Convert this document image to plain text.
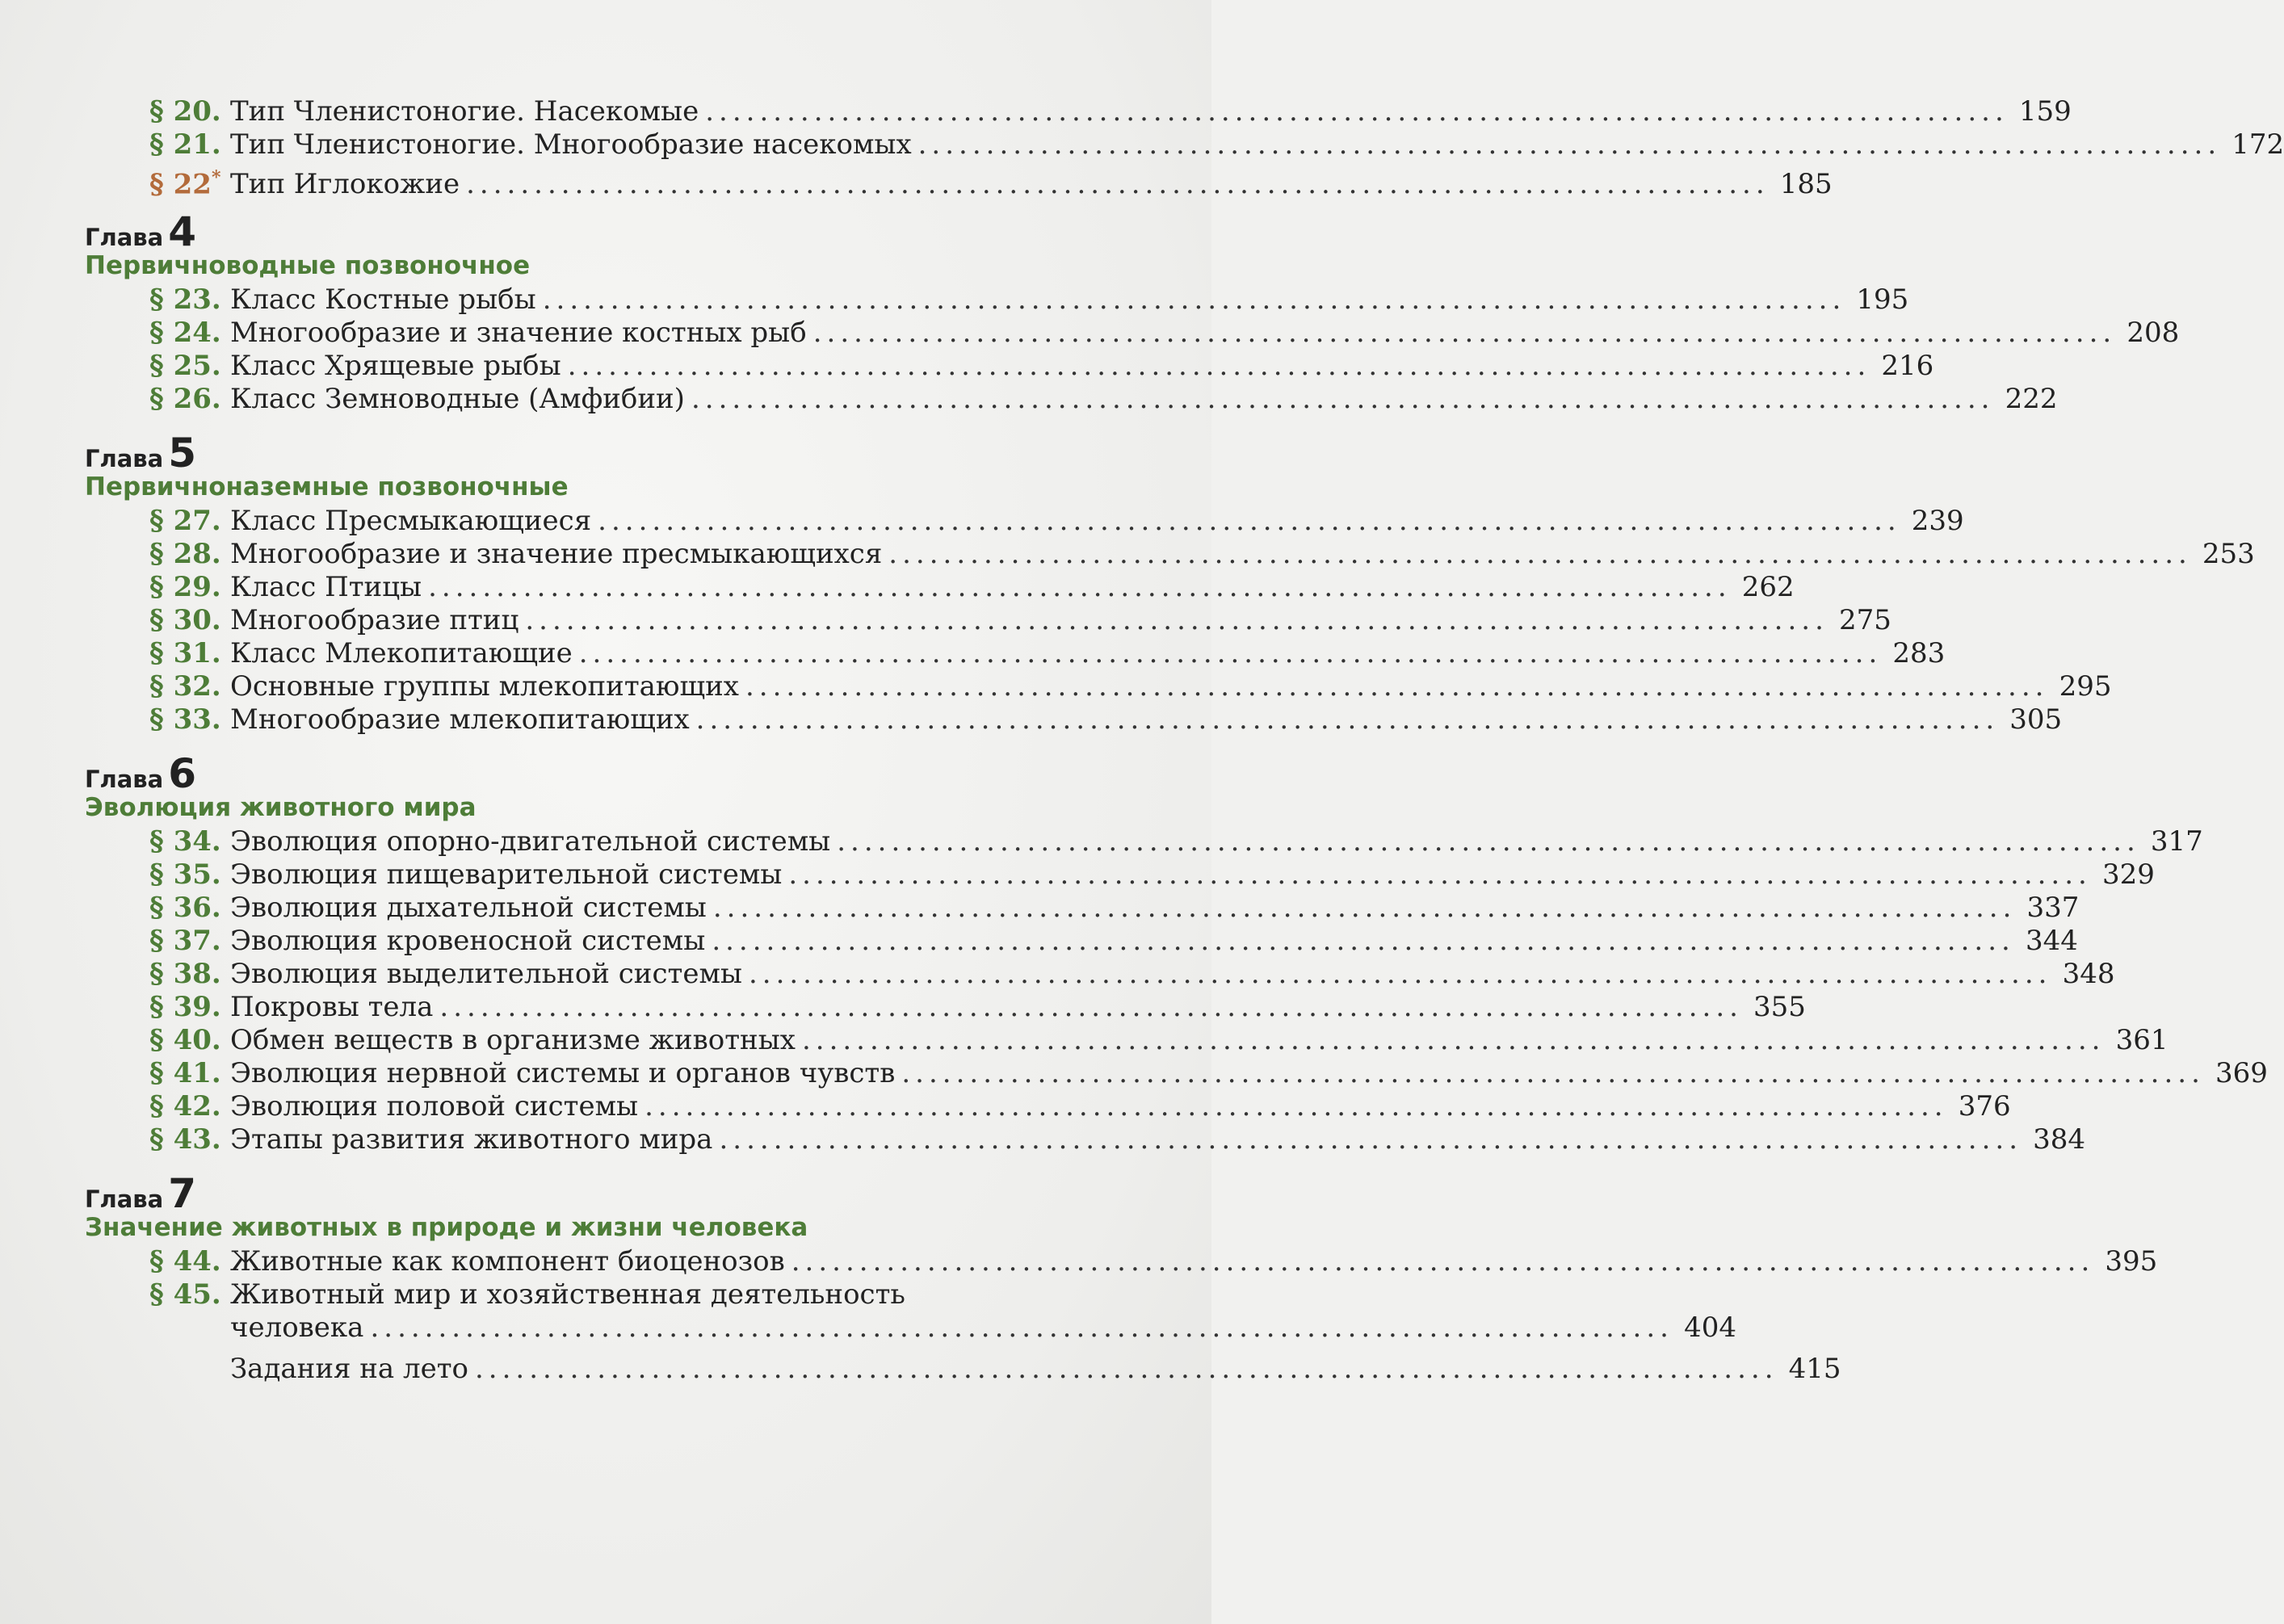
§ 20. Тип Членистоногие. Насекомые ................................................................................................ 159
§ 21. Тип Членистоногие. Многообразие насекомых ................................................................................................ 172
§ 22* Тип Иглокожие ................................................................................................ 185
Глава 4
Первичноводные позвоночное
§ 23. Класс Костные рыбы ................................................................................................ 195
§ 24. Многообразие и значение костных рыб ................................................................................................ 208
§ 25. Класс Хрящевые рыбы ................................................................................................ 216
§ 26. Класс Земноводные (Амфибии) ................................................................................................ 222
Глава 5
Первичноназемные позвоночные
§ 27. Класс Пресмыкающиеся ................................................................................................ 239
§ 28. Многообразие и значение пресмыкающихся ................................................................................................ 253
§ 29. Класс Птицы ................................................................................................ 262
§ 30. Многообразие птиц ................................................................................................ 275
§ 31. Класс Млекопитающие ................................................................................................ 283
§ 32. Основные группы млекопитающих ................................................................................................ 295
§ 33. Многообразие млекопитающих ................................................................................................ 305
Глава 6
Эволюция животного мира
§ 34. Эволюция опорно-двигательной системы ................................................................................................ 317
§ 35. Эволюция пищеварительной системы ................................................................................................ 329
§ 36. Эволюция дыхательной системы ................................................................................................ 337
§ 37. Эволюция кровеносной системы ................................................................................................ 344
§ 38. Эволюция выделительной системы ................................................................................................ 348
§ 39. Покровы тела ................................................................................................ 355
§ 40. Обмен веществ в организме животных ................................................................................................ 361
§ 41. Эволюция нервной системы и органов чувств ................................................................................................ 369
§ 42. Эволюция половой системы ................................................................................................ 376
§ 43. Этапы развития животного мира ................................................................................................ 384
Глава 7
Значение животных в природе и жизни человека
§ 44. Животные как компонент биоценозов ................................................................................................ 395
§ 45. Животный мир и хозяйственная деятельность
человека ................................................................................................ 404
Задания на лето ................................................................................................ 415
